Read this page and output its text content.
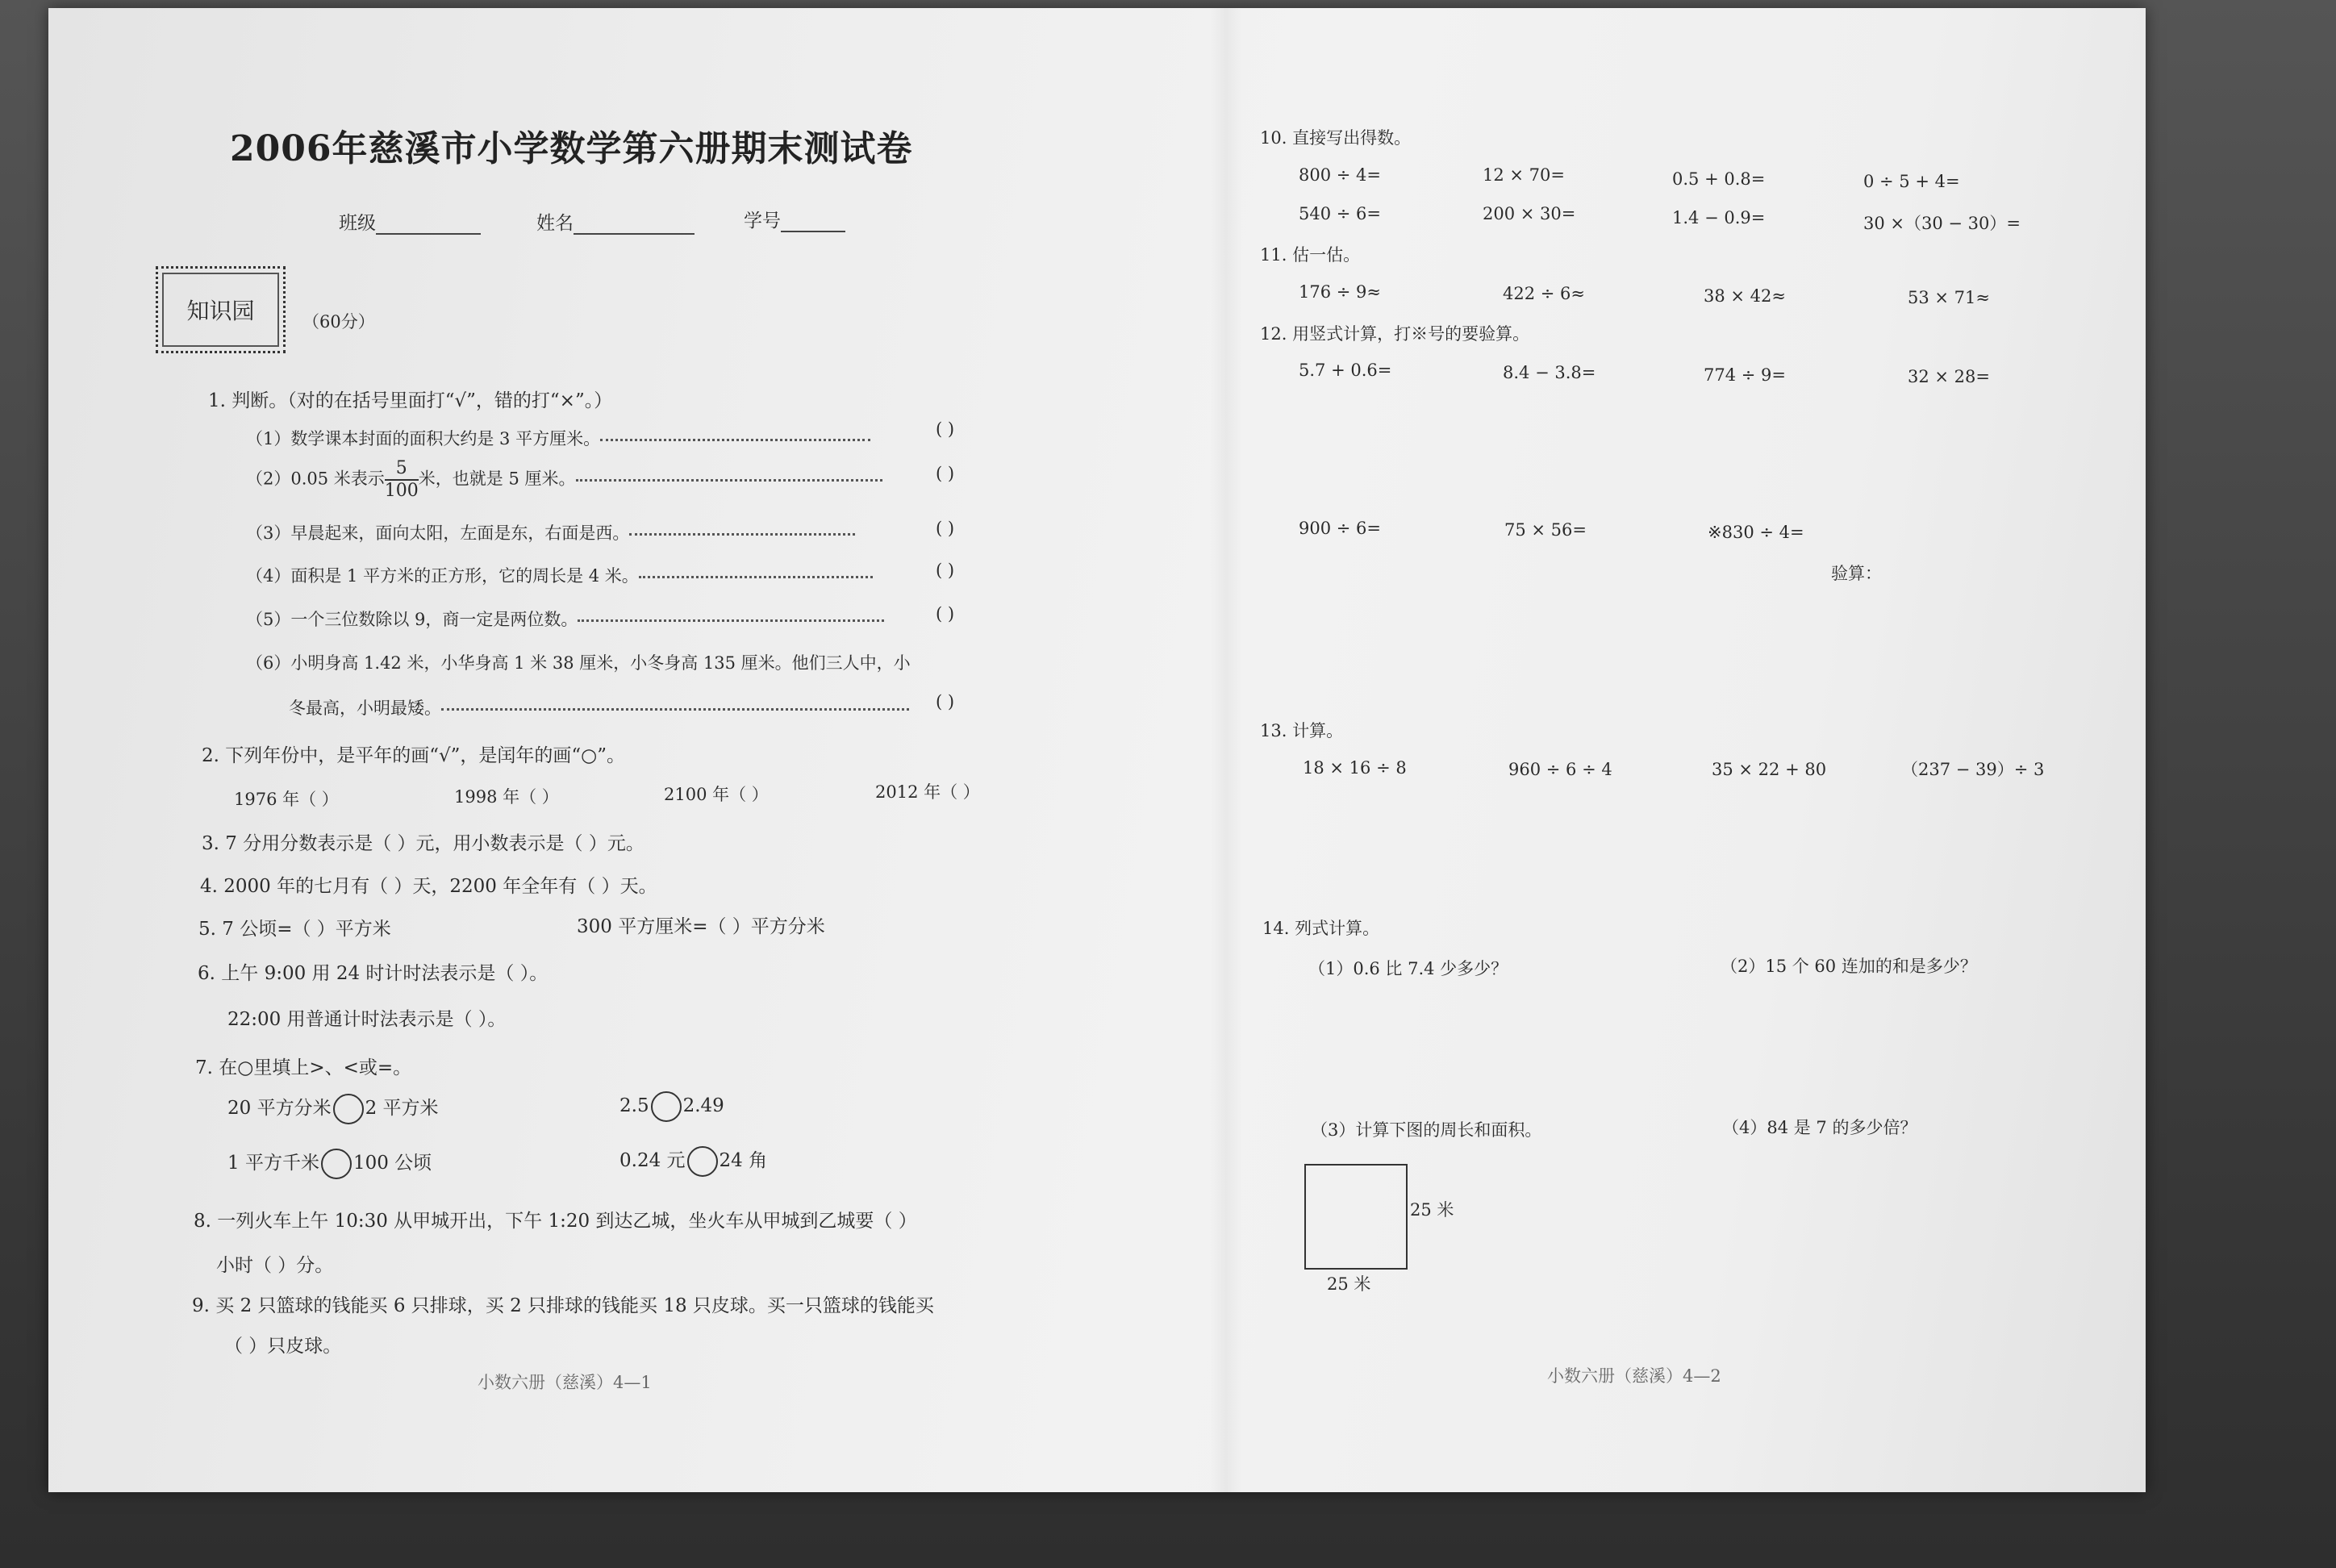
2006年慈溪市小学数学第六册期末测试卷
班级	姓名	学号
知识园	（60分）
1. 判断。（对的在括号里面打“√”，错的打“×”。）
（1）数学课本封面的面积大约是 3 平方厘米。	( )
（2）0.05 米表示 $\frac{5}{100}$米，也就是 5 厘米。	( )
（3）早晨起来，面向太阳，左面是东，右面是西。	( )
（4）面积是 1 平方米的正方形，它的周长是 4 米。	( )
（5）一个三位数除以 9，商一定是两位数。	( )
（6）小明身高 1.42 米，小华身高 1 米 38 厘米，小冬身高 135 厘米。他们三人中，小
冬最高，小明最矮。	( )
2. 下列年份中，是平年的画“√”，是闰年的画“○”。
1976 年（ ）	1998 年（ ）	2100 年（ ）	2012 年（ ）
3. 7 分用分数表示是（ ）元，用小数表示是（ ）元。
4. 2000 年的七月有（ ）天，2200 年全年有（ ）天。
5. 7 公顷=（ ）平方米	300 平方厘米=（ ）平方分米
6. 上午 9:00 用 24 时计时法表示是（ ）。
22:00 用普通计时法表示是（ ）。
7. 在○里填上>、<或=。
20 平方分米 2 平方米	2.5 2.49
1 平方千米 100 公顷	0.24 元 24 角
8. 一列火车上午 10:30 从甲城开出，下午 1:20 到达乙城，坐火车从甲城到乙城要（ ）
小时（ ）分。
9. 买 2 只篮球的钱能买 6 只排球，买 2 只排球的钱能买 18 只皮球。买一只篮球的钱能买
（ ）只皮球。
小数六册（慈溪）4—1
10. 直接写出得数。
800 ÷ 4=	12 × 70=	0.5 + 0.8=	0 ÷ 5 + 4=
540 ÷ 6=	200 × 30=	1.4 − 0.9=	30 ×（30 − 30）=
11. 估一估。
176 ÷ 9≈	422 ÷ 6≈	38 × 42≈	53 × 71≈
12. 用竖式计算，打※号的要验算。
5.7 + 0.6=	8.4 − 3.8=	774 ÷ 9=	32 × 28=
900 ÷ 6=	75 × 56=	※830 ÷ 4=
验算：
13. 计算。
18 × 16 ÷ 8	960 ÷ 6 ÷ 4	35 × 22 + 80	（237 − 39）÷ 3
14. 列式计算。
（1）0.6 比 7.4 少多少？	（2）15 个 60 连加的和是多少？
（3）计算下图的周长和面积。	（4）84 是 7 的多少倍？
25 米
25 米
小数六册（慈溪）4—2
